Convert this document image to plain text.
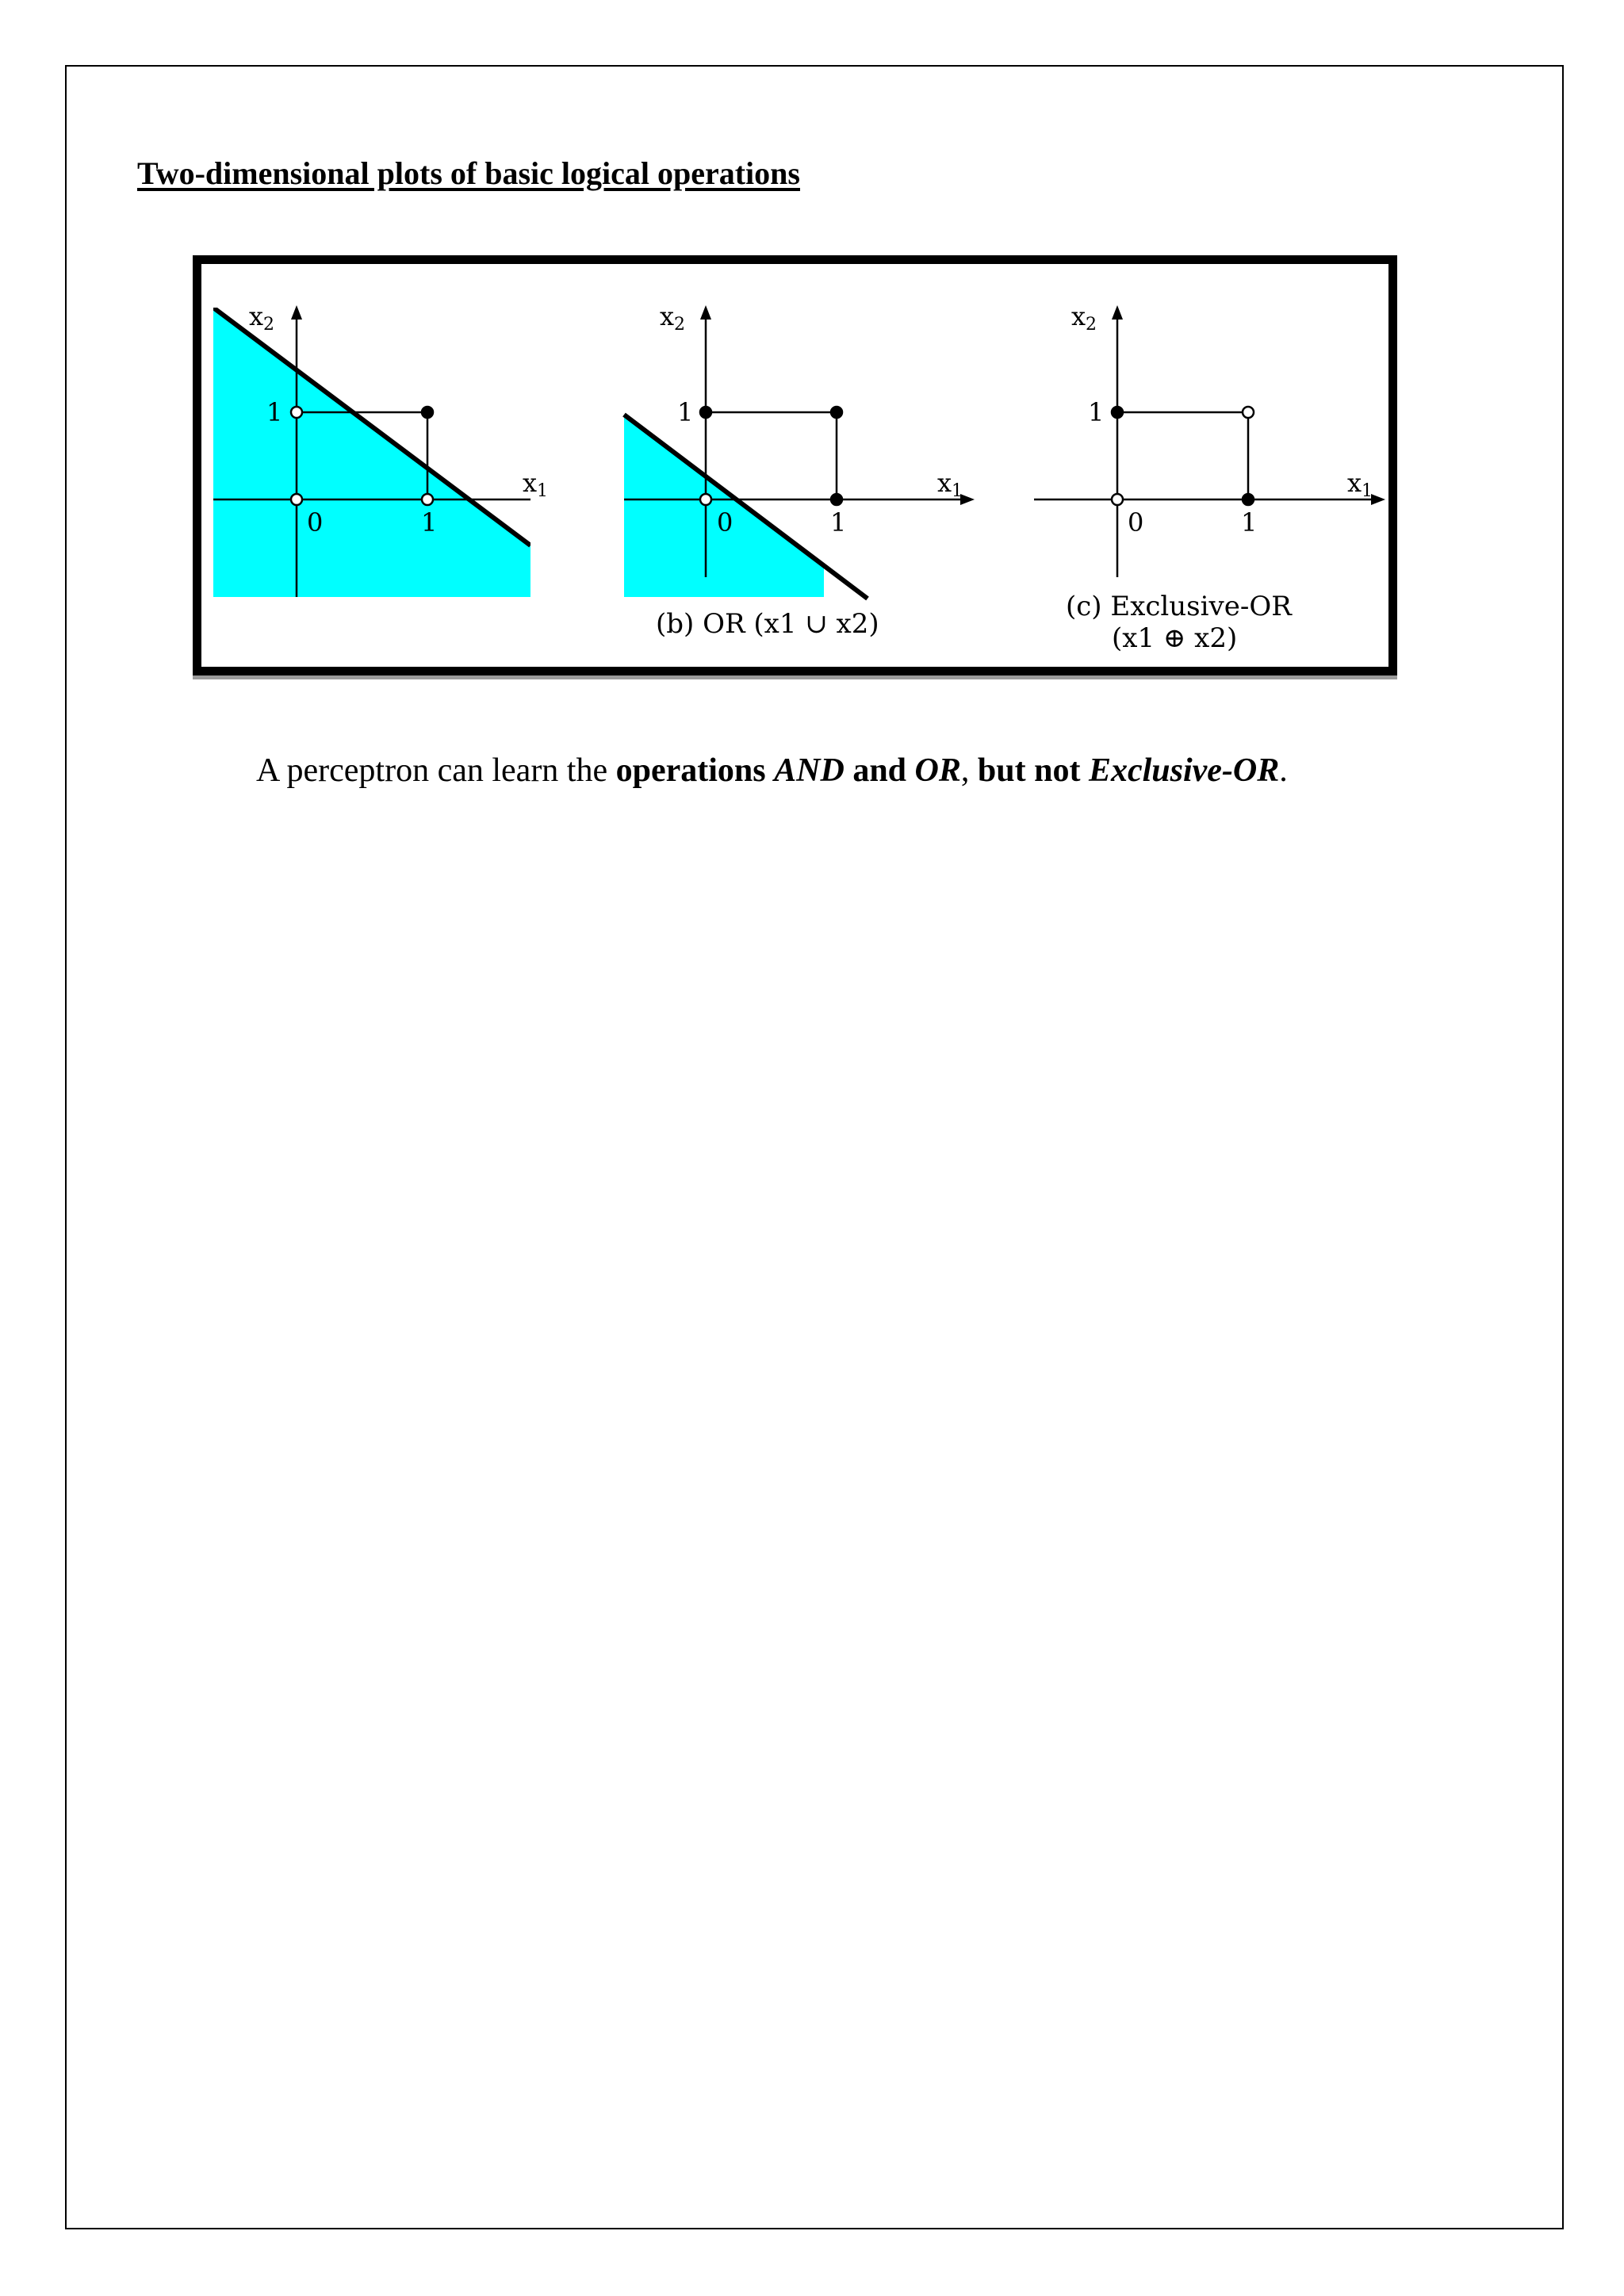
Two-dimensional plots of basic logical operations
x2
x1
0	1
1
x2
x1
0	1
1
(b) OR (x1 ∪ x2)
x2
x1
0	1
1
(c) Exclusive-OR
(x1 ⊕ x2)
A perceptron can learn the operations AND and OR, but not Exclusive-OR.
